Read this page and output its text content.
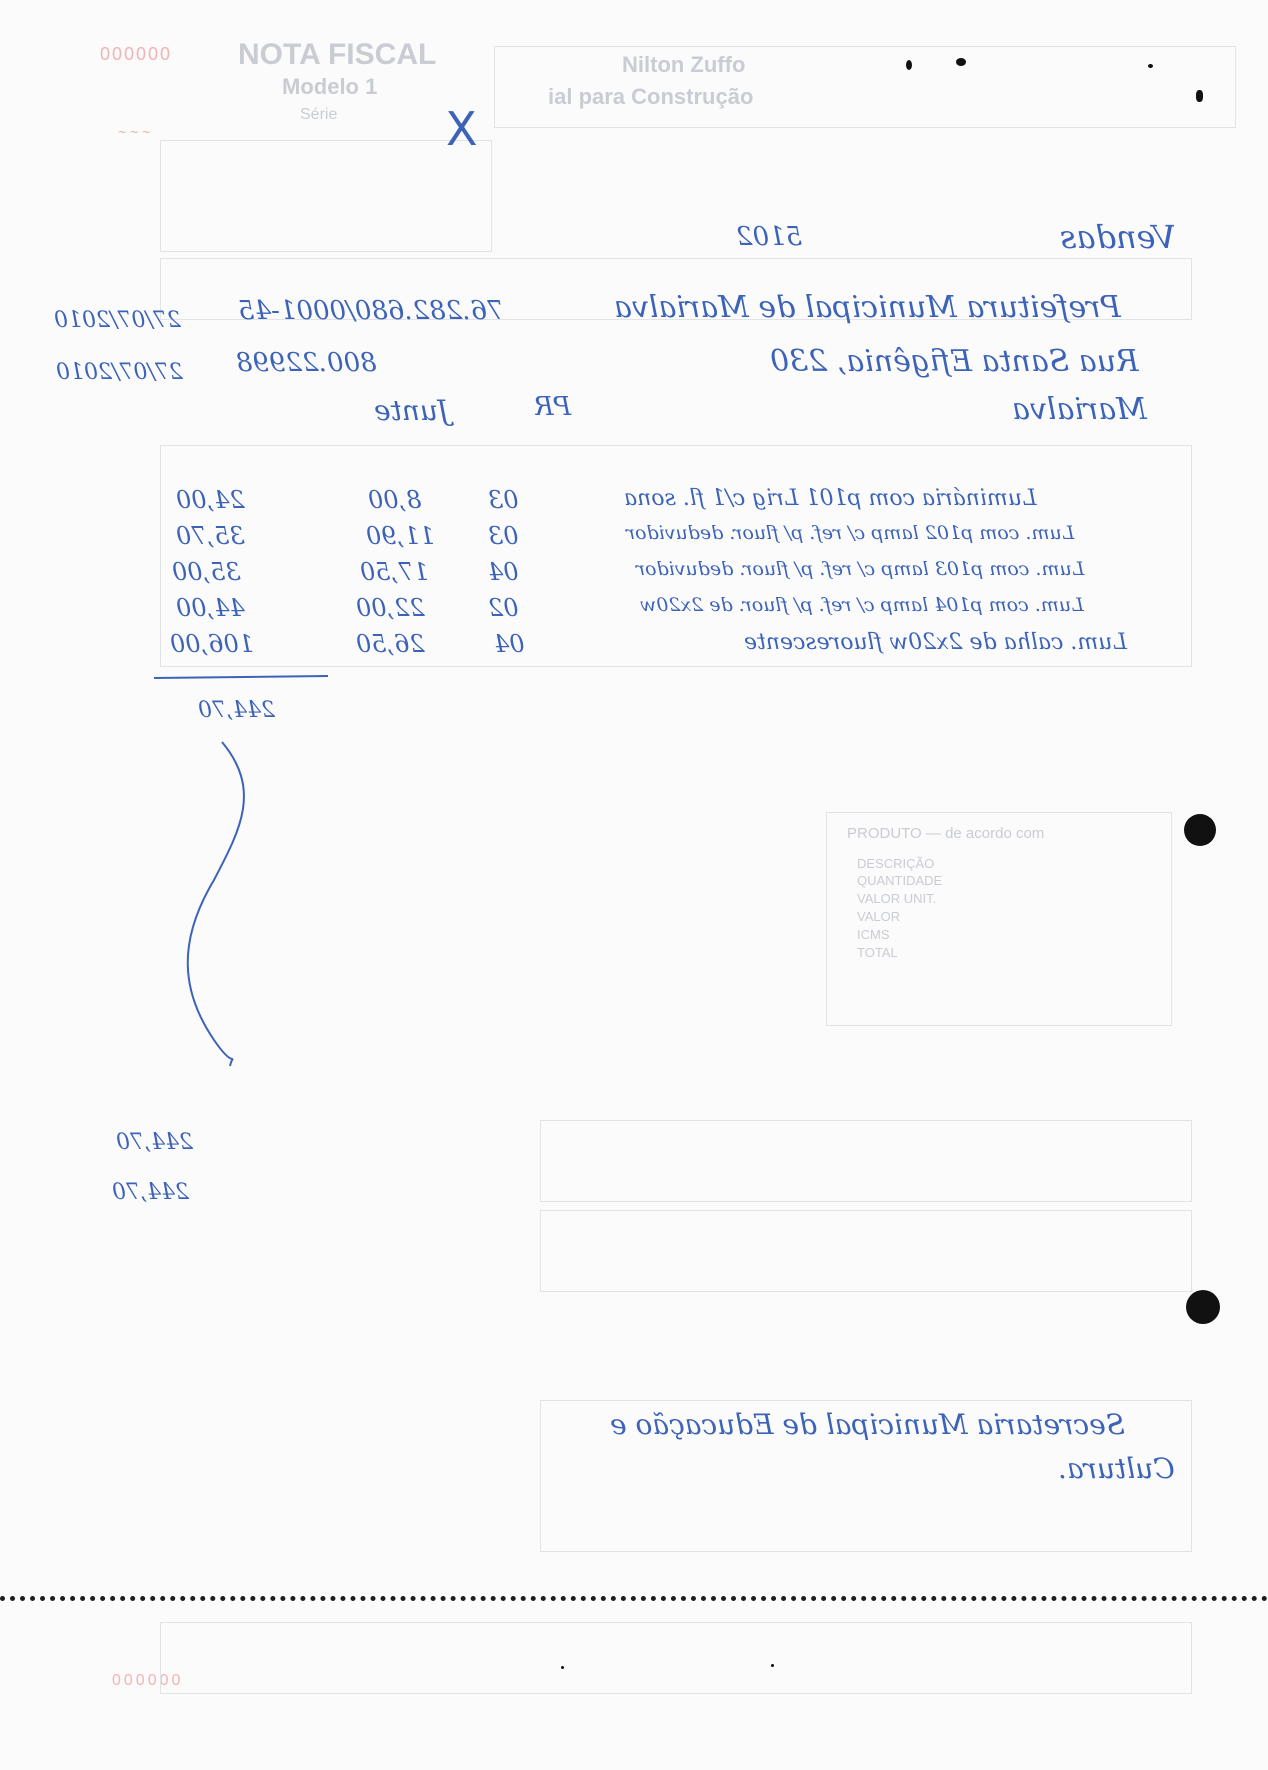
NOTA FISCAL
Modelo 1
Nilton Zuffo
ial para Construção
Série
000000
000000
PRODUTO — de acordo com
DESCRIÇÃO
QUANTIDADE
VALOR UNIT.
VALOR
ICMS
TOTAL
~ ~ ~	X
Vendas
5102
Prefeitura Municipal de Marialva
76.282.680/0001-45
27/07/2010
Rua Santa Efigênia, 230
800.22998
27/07/2010
Marialva
PR
Junte
Luminária com p101 Lrig c/1 fl. sona
03
8,00
24,00
Lum. com p102 lamp c/ ref. p/ fluor. deduvidor
03
11,90
35,70
Lum. com p103 lamp c/ ref. p/ fluor. deduvidor
04
17,50
35,00
Lum. com p104 lamp c/ ref. p/ fluor. de 2x20w
02
22,00
44,00
Lum. calha de 2x20w fluorescente
04
26,50
106,00
244,70
244,70
244,70
Secretaria Municipal de Educação e
Cultura.
